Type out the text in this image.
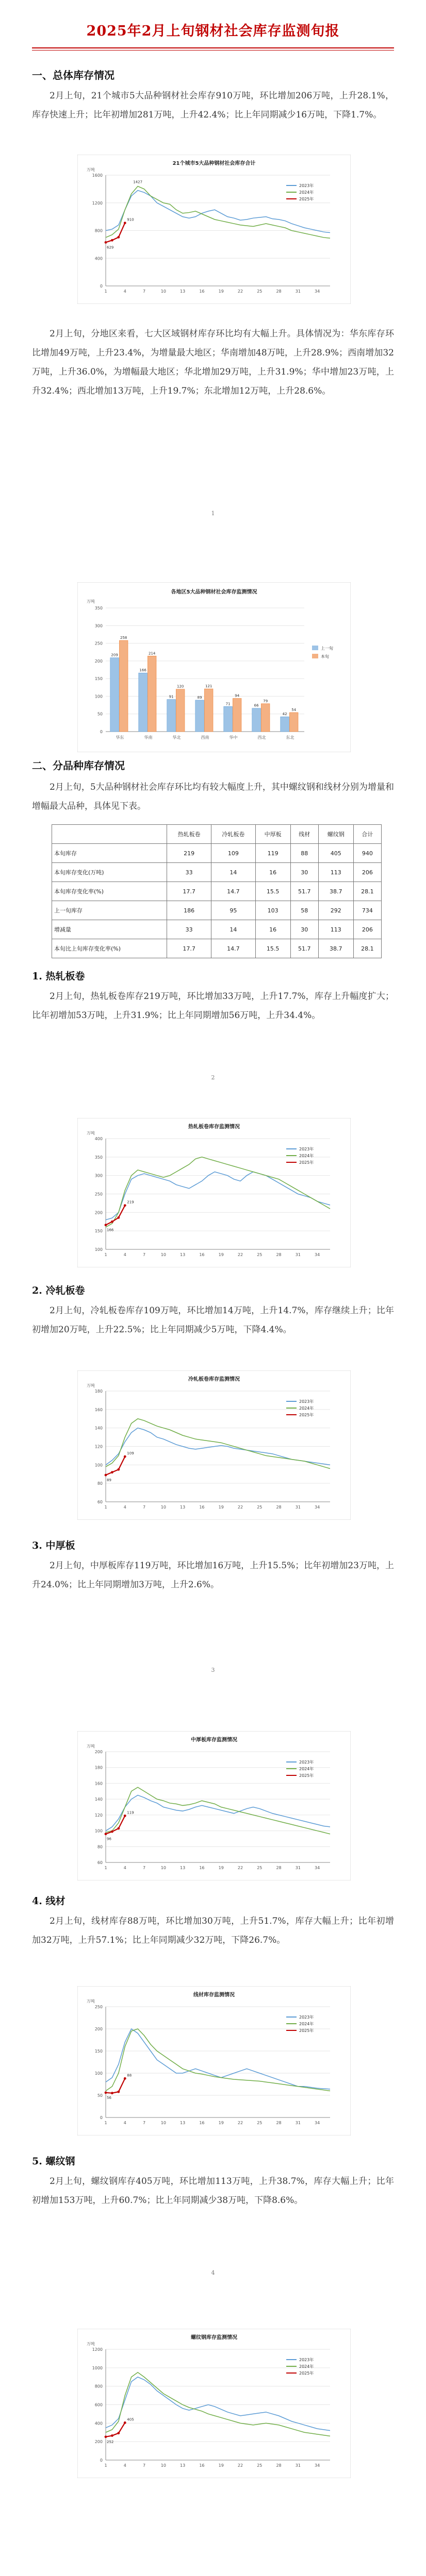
2025年2月上旬钢材社会库存监测旬报
一、总体库存情况

2月上旬，21个城市5大品种钢材社会库存910万吨，环比增加206万吨，上升28.1%，库存快速上升；比年初增加281万吨，上升42.4%；比上年同期减少16万吨，下降1.7%。

21个城市5大品种钢材社会库存合计
万吨
0
400
800
1200
1600
1	4	7	10	13	16	19	22	25	28	31	34
1427
910
629
2023年
2024年
2025年

2月上旬，分地区来看，七大区域钢材库存环比均有大幅上升。具体情况为：华东库存环比增加49万吨，上升23.4%，为增量最大地区；华南增加48万吨，上升28.9%；西南增加32万吨，上升36.0%，为增幅最大地区；华北增加29万吨，上升31.9%；华中增加23万吨，上升32.4%；西北增加13万吨，上升19.7%；东北增加12万吨，上升28.6%。

1
各地区5大品种钢材社会库存监测情况
万吨
0
50
100
150
200
250
300
350
209
258
华东
166
214
华南
91
120
华北
89
121
西南
71
94
华中
66
79
西北
42
54
东北
上一旬
本旬
二、分品种库存情况

2月上旬，5大品种钢材社会库存环比均有较大幅度上升，其中螺纹钢和线材分别为增量和增幅最大品种，具体见下表。

	热轧板卷	冷轧板卷	中厚板	线材	螺纹钢	合计
本旬库存	219	109	119	88	405	940
本旬库存变化(万吨)	33	14	16	30	113	206
本旬库存变化率(%)	17.7	14.7	15.5	51.7	38.7	28.1
上一旬库存	186	95	103	58	292	734
增减量	33	14	16	30	113	206
本旬比上旬库存变化率(%)	17.7	14.7	15.5	51.7	38.7	28.1
1. 热轧板卷

2月上旬，热轧板卷库存219万吨，环比增加33万吨，上升17.7%，库存上升幅度扩大；比年初增加53万吨，上升31.9%；比上年同期增加56万吨，上升34.4%。

2
热轧板卷库存监测情况
万吨
100
150
200
250
300
350
400
1	4	7	10	13	16	19	22	25	28	31	34
219
166
2023年
2024年
2025年
2. 冷轧板卷

2月上旬，冷轧板卷库存109万吨，环比增加14万吨，上升14.7%，库存继续上升；比年初增加20万吨，上升22.5%；比上年同期减少5万吨，下降4.4%。

冷轧板卷库存监测情况
万吨
60
80
100
120
140
160
180
1	4	7	10	13	16	19	22	25	28	31	34
109
89
2023年
2024年
2025年
3. 中厚板

2月上旬，中厚板库存119万吨，环比增加16万吨，上升15.5%；比年初增加23万吨，上升24.0%；比上年同期增加3万吨，上升2.6%。

3
中厚板库存监测情况
万吨
60
80
100
120
140
160
180
200
1	4	7	10	13	16	19	22	25	28	31	34
119
96
2023年
2024年
2025年
4. 线材

2月上旬，线材库存88万吨，环比增加30万吨，上升51.7%，库存大幅上升；比年初增加32万吨，上升57.1%；比上年同期减少32万吨，下降26.7%。

线材库存监测情况
万吨
0
50
100
150
200
250
1	4	7	10	13	16	19	22	25	28	31	34
88
56
2023年
2024年
2025年
5. 螺纹钢

2月上旬，螺纹钢库存405万吨，环比增加113万吨，上升38.7%，库存大幅上升；比年初增加153万吨，上升60.7%；比上年同期减少38万吨，下降8.6%。

4
螺纹钢库存监测情况
万吨
0
200
400
600
800
1000
1200
1	4	7	10	13	16	19	22	25	28	31	34
405
252
2023年
2024年
2025年
